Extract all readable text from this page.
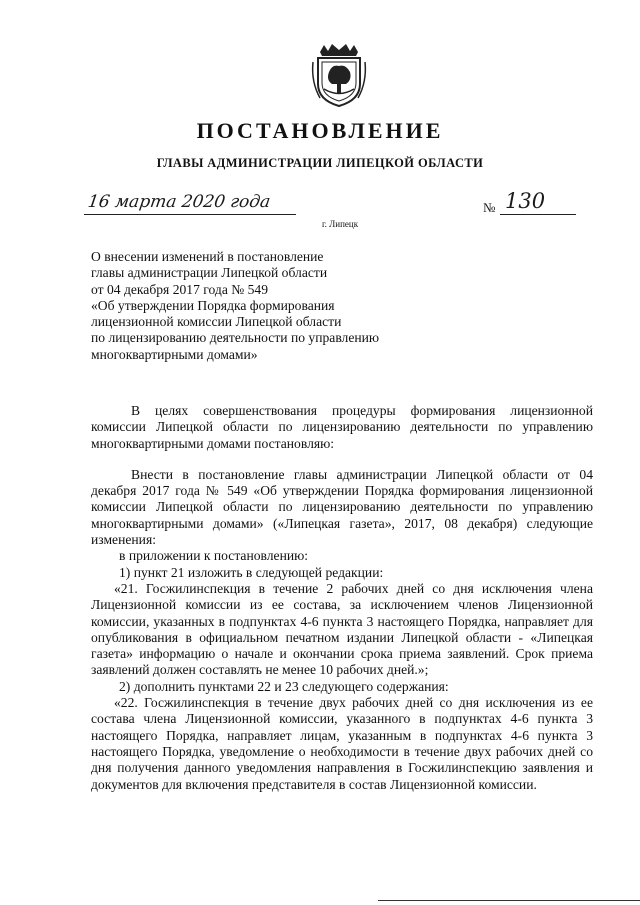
ПОСТАНОВЛЕНИЕ
ГЛАВЫ АДМИНИСТРАЦИИ ЛИПЕЦКОЙ ОБЛАСТИ
16 марта 2020 года
г. Липецк
№ 130
О внесении изменений в постановление
главы администрации Липецкой области
от 04 декабря 2017 года № 549
«Об утверждении Порядка формирования
лицензионной комиссии Липецкой области
по лицензированию деятельности по управлению
многоквартирными домами»
В целях совершенствования процедуры формирования лицензионной комиссии Липецкой области по лицензированию деятельности по управлению многоквартирными домами постановляю:
Внести в постановление главы администрации Липецкой области от 04 декабря 2017 года № 549 «Об утверждении Порядка формирования лицензионной комиссии Липецкой области по лицензированию деятельности по управлению многоквартирными домами» («Липецкая газета», 2017, 08 декабря) следующие изменения:
в приложении к постановлению:
1) пункт 21 изложить в следующей редакции:
«21. Госжилинспекция в течение 2 рабочих дней со дня исключения члена Лицензионной комиссии из ее состава, за исключением членов Лицензионной комиссии, указанных в подпунктах 4-6 пункта 3 настоящего Порядка, направляет для опубликования в официальном печатном издании Липецкой области - «Липецкая газета» информацию о начале и окончании срока приема заявлений. Срок приема заявлений должен составлять не менее 10 рабочих дней.»;
2) дополнить пунктами 22 и 23 следующего содержания:
«22. Госжилинспекция в течение двух рабочих дней со дня исключения из ее состава члена Лицензионной комиссии, указанного в подпунктах 4-6 пункта 3 настоящего Порядка, направляет лицам, указанным в подпунктах 4-6 пункта 3 настоящего Порядка, уведомление о необходимости в течение двух рабочих дней со дня получения данного уведомления направления в Госжилинспекцию заявления и документов для включения представителя в состав Лицензионной комиссии.
